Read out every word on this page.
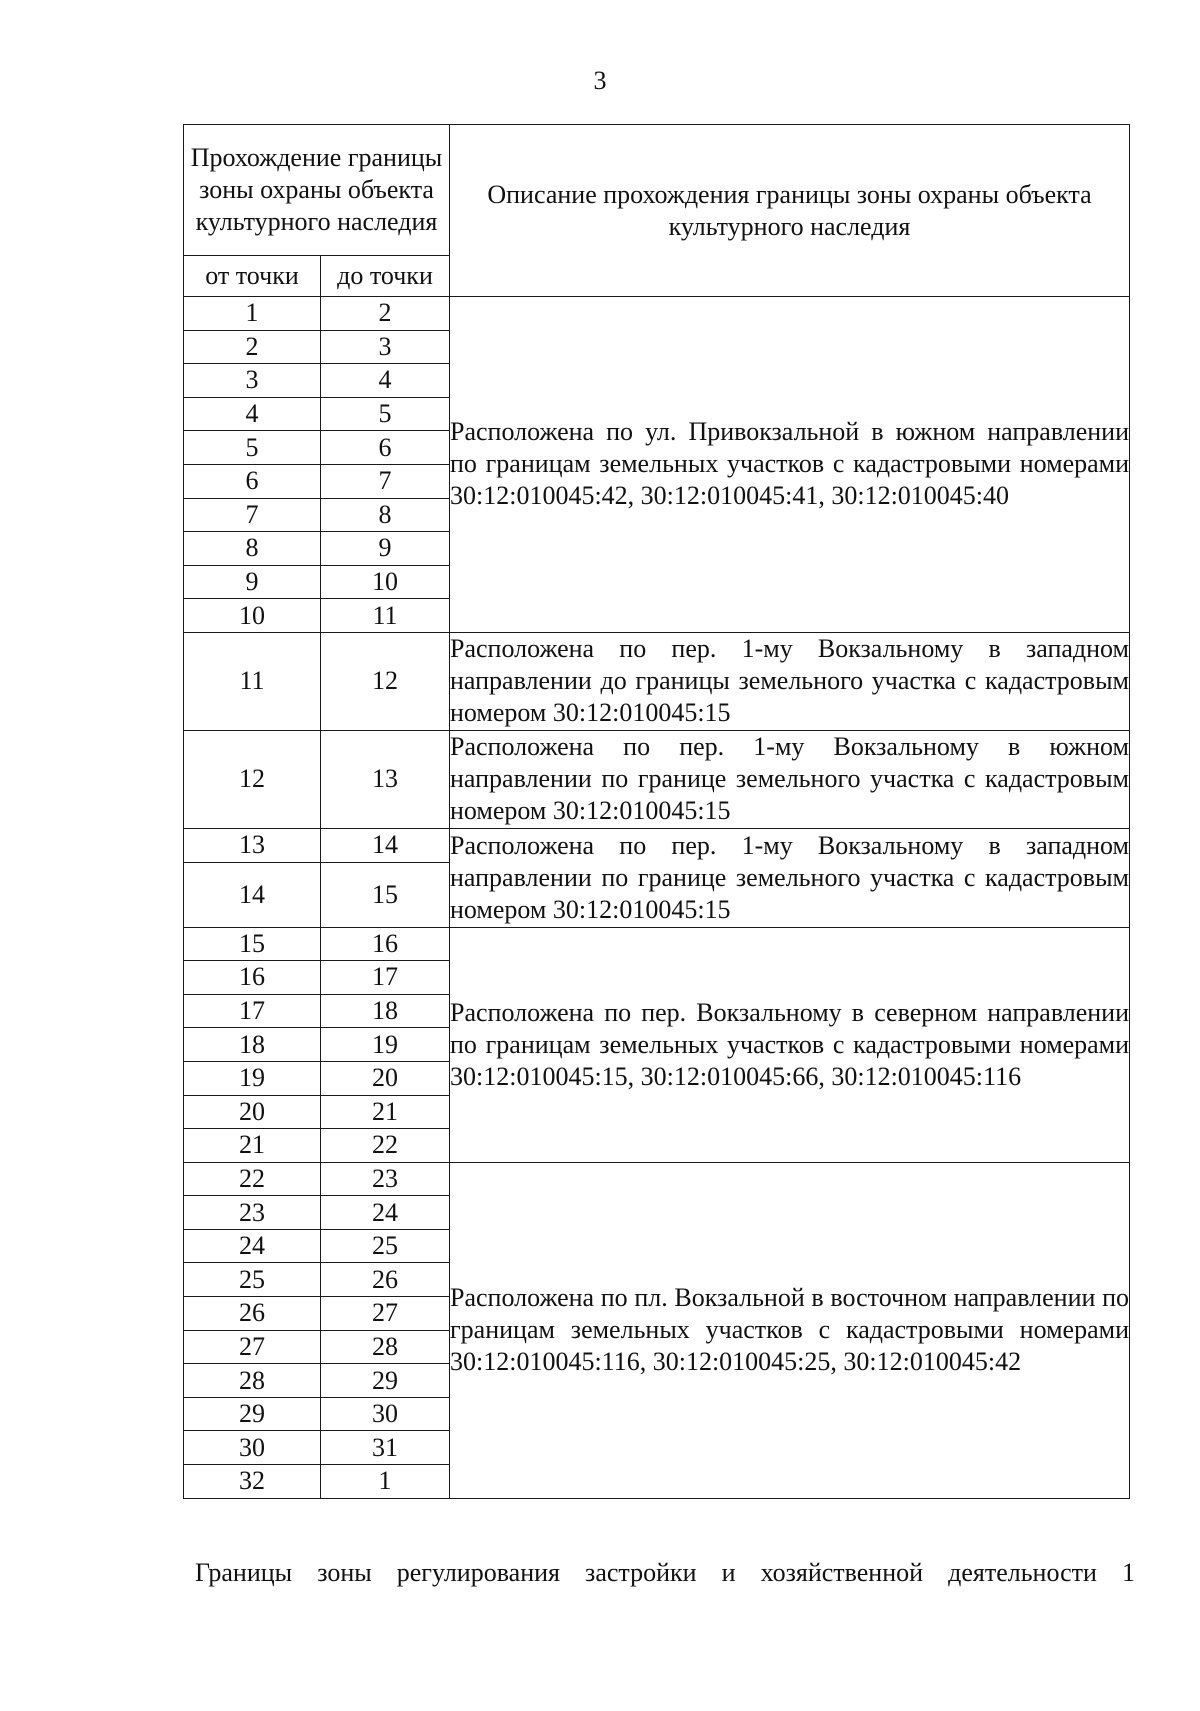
3
Прохождение границы зоны охраны объекта культурного наследия		Описание прохождения границы зоны охраны объекта культурного наследия
от точки	до точки	
1	2	Расположена по ул. Привокзальной в южном направлении по границам земельных участков с кадастровыми номерами 30:12:010045:42, 30:12:010045:41, 30:12:010045:40
2	3	
3	4	
4	5	
5	6	
6	7	
7	8	
8	9	
9	10	
10	11	
11	12	Расположена по пер. 1-му Вокзальному в западном направлении до границы земельного участка с кадастровым номером 30:12:010045:15
12	13	Расположена по пер. 1-му Вокзальному в южном направлении по границе земельного участка с кадастровым номером 30:12:010045:15
13	14	Расположена по пер. 1-му Вокзальному в западном направлении по границе земельного участка с кадастровым номером 30:12:010045:15
14	15	
15	16	Расположена по пер. Вокзальному в северном направлении по границам земельных участков с кадастровыми номерами 30:12:010045:15, 30:12:010045:66, 30:12:010045:116
16	17	
17	18	
18	19	
19	20	
20	21	
21	22	
22	23	Расположена по пл. Вокзальной в восточном направлении по границам земельных участков с кадастровыми номерами 30:12:010045:116, 30:12:010045:25, 30:12:010045:42
23	24	
24	25	
25	26	
26	27	
27	28	
28	29	
29	30	
30	31	
32	1	
Границы зоны регулирования застройки и хозяйственной деятельности 1
